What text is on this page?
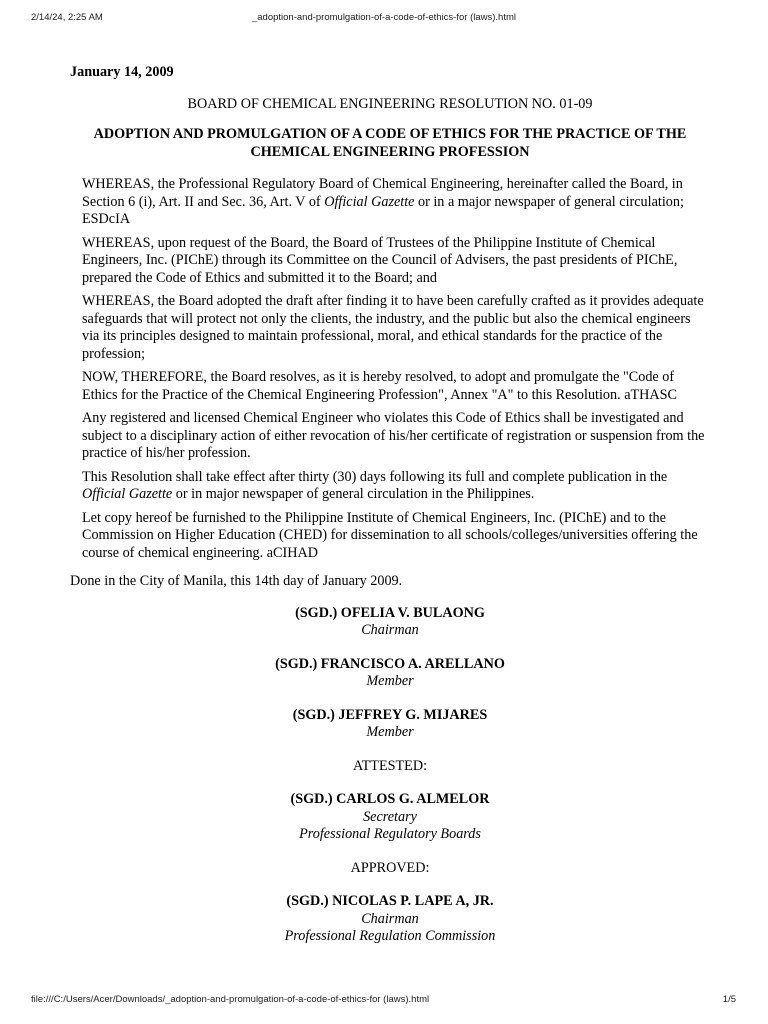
2/14/24, 2:25 AM	_adoption-and-promulgation-of-a-code-of-ethics-for (laws).html

January 14, 2009

BOARD OF CHEMICAL ENGINEERING RESOLUTION NO. 01-09

ADOPTION AND PROMULGATION OF A CODE OF ETHICS FOR THE PRACTICE OF THE CHEMICAL ENGINEERING PROFESSION

WHEREAS, the Professional Regulatory Board of Chemical Engineering, hereinafter called the Board, in Section 6 (i), Art. II and Sec. 36, Art. V of Official Gazette or in a major newspaper of general circulation; ESDcIA

WHEREAS, upon request of the Board, the Board of Trustees of the Philippine Institute of Chemical Engineers, Inc. (PIChE) through its Committee on the Council of Advisers, the past presidents of PIChE, prepared the Code of Ethics and submitted it to the Board; and

WHEREAS, the Board adopted the draft after finding it to have been carefully crafted as it provides adequate safeguards that will protect not only the clients, the industry, and the public but also the chemical engineers via its principles designed to maintain professional, moral, and ethical standards for the practice of the profession;

NOW, THEREFORE, the Board resolves, as it is hereby resolved, to adopt and promulgate the "Code of Ethics for the Practice of the Chemical Engineering Profession", Annex "A" to this Resolution. aTHASC

Any registered and licensed Chemical Engineer who violates this Code of Ethics shall be investigated and subject to a disciplinary action of either revocation of his/her certificate of registration or suspension from the practice of his/her profession.

This Resolution shall take effect after thirty (30) days following its full and complete publication in the Official Gazette or in major newspaper of general circulation in the Philippines.

Let copy hereof be furnished to the Philippine Institute of Chemical Engineers, Inc. (PIChE) and to the Commission on Higher Education (CHED) for dissemination to all schools/colleges/universities offering the course of chemical engineering. aCIHAD

Done in the City of Manila, this 14th day of January 2009.

(SGD.) OFELIA V. BULAONG
Chairman
(SGD.) FRANCISCO A. ARELLANO
Member
(SGD.) JEFFREY G. MIJARES
Member

ATTESTED:

(SGD.) CARLOS G. ALMELOR
Secretary
Professional Regulatory Boards

APPROVED:

(SGD.) NICOLAS P. LAPE A, JR.
Chairman
Professional Regulation Commission
file:///C:/Users/Acer/Downloads/_adoption-and-promulgation-of-a-code-of-ethics-for (laws).html	1/5
